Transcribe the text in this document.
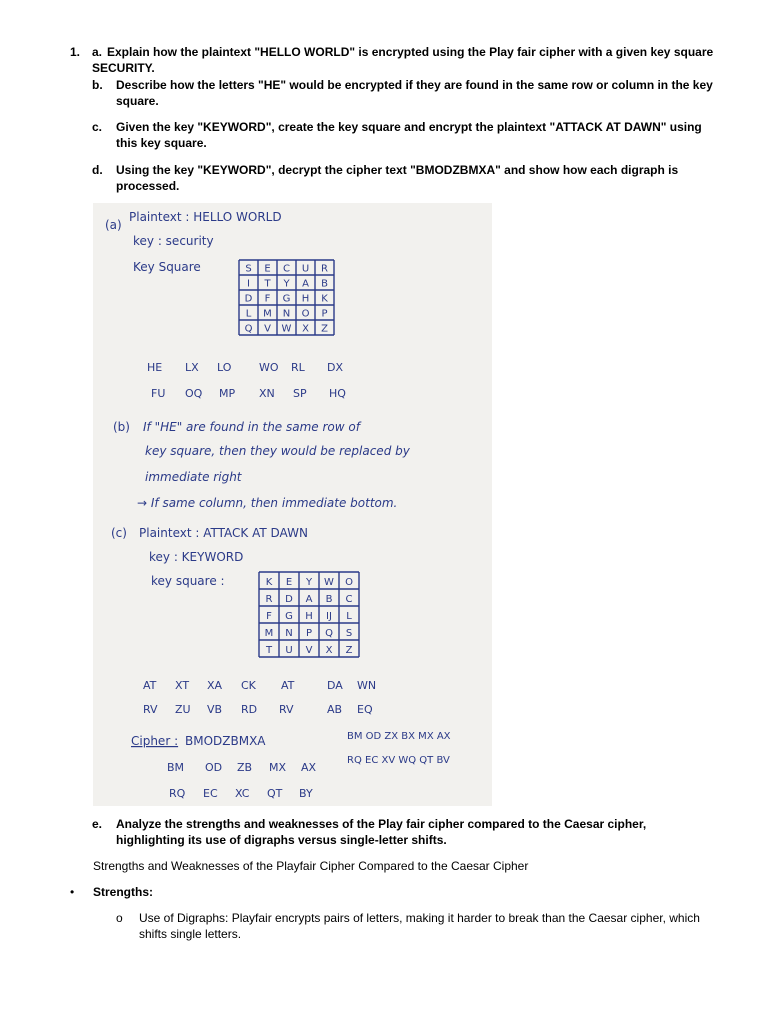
1. a. Explain how the plaintext "HELLO WORLD" is encrypted using the Play fair cipher with a given key square SECURITY.
b. Describe how the letters "HE" would be encrypted if they are found in the same row or column in the key square.
c. Given the key "KEYWORD", create the key square and encrypt the plaintext "ATTACK AT DAWN" using this key square.
d. Using the key "KEYWORD", decrypt the cipher text "BMODZBMXA" and show how each digraph is processed.
(a)
Plaintext : HELLO WORLD
key : security
Key Square	S E C U R
I T Y A B
D F G H K
L M N O P
Q V W X Z
HE LX LO	WO RL DX
FU OQ MP XN SP HQ
(b) If "HE" are found in the same row of
key square, then they would be replaced by
immediate right
→ If same column, then immediate bottom.
(c) Plaintext : ATTACK AT DAWN
key : KEYWORD
key square :	K E Y W O
R D A B C
F G H IJ L
M N P Q S
T U V X Z
AT XT XA CK AT	DA WN
RV ZU VB RD RV	AB EQ
Cipher : BMODZBMXA	BM OD ZX BX MX AX
RQ EC XV WQ QT BV
BM OD ZB MX AX
RQ EC XC QT BY
e. Analyze the strengths and weaknesses of the Play fair cipher compared to the Caesar cipher, highlighting its use of digraphs versus single-letter shifts.
Strengths and Weaknesses of the Playfair Cipher Compared to the Caesar Cipher
• Strengths:
o Use of Digraphs: Playfair encrypts pairs of letters, making it harder to break than the Caesar cipher, which shifts single letters.
